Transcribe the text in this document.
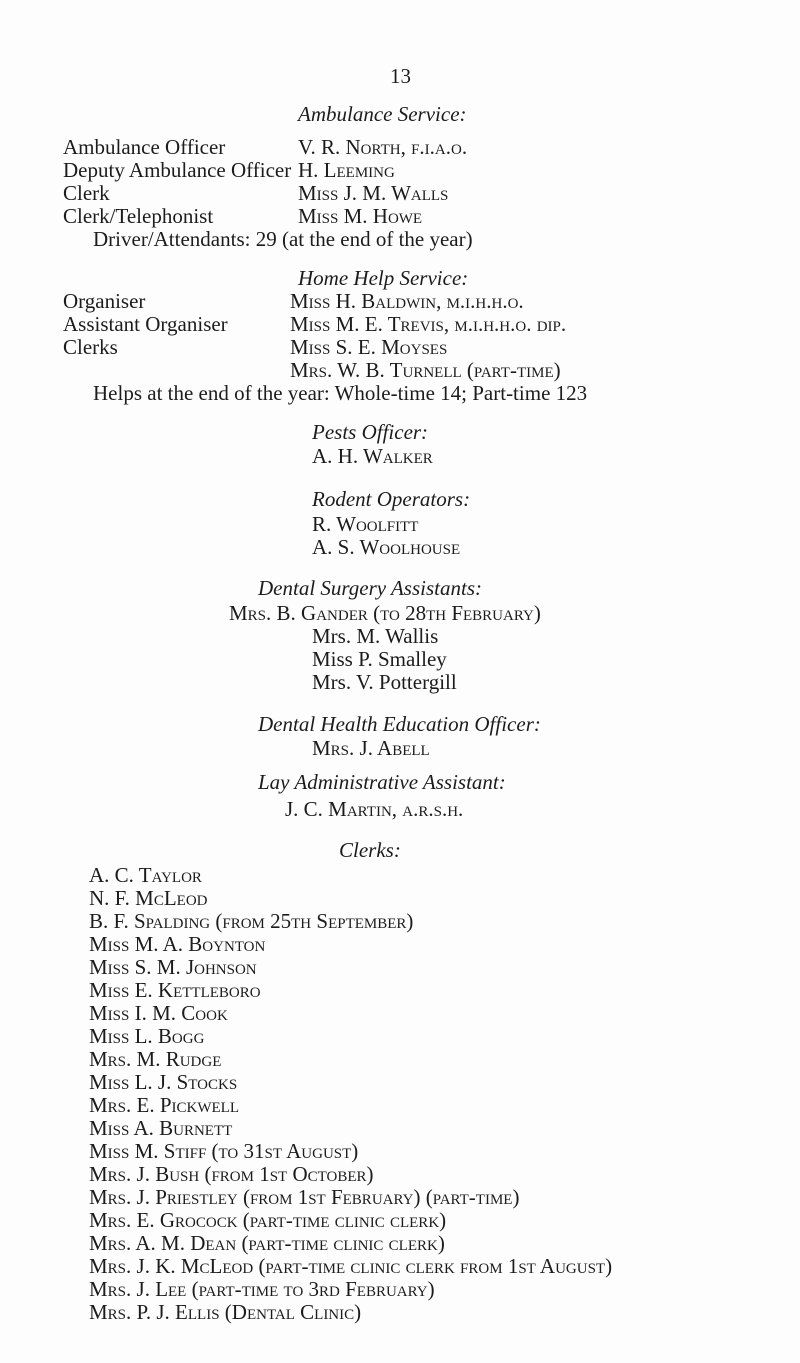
13
Ambulance Service:
Ambulance Officer	V. R. North, f.i.a.o.
Deputy Ambulance Officer H. Leeming
Clerk	Miss J. M. Walls
Clerk/Telephonist	Miss M. Howe
Driver/Attendants: 29 (at the end of the year)
Home Help Service:
Organiser	Miss H. Baldwin, m.i.h.h.o.
Assistant Organiser	Miss M. E. Trevis, m.i.h.h.o. dip.
Clerks	Miss S. E. Moyses
Mrs. W. B. Turnell (part-time)
Helps at the end of the year: Whole-time 14; Part-time 123
Pests Officer:
A. H. Walker
Rodent Operators:
R. Woolfitt
A. S. Woolhouse
Dental Surgery Assistants:
Mrs. B. Gander (to 28th February)
Mrs. M. Wallis
Miss P. Smalley
Mrs. V. Pottergill
Dental Health Education Officer:
Mrs. J. Abell
Lay Administrative Assistant:
J. C. Martin, a.r.s.h.
Clerks:
A. C. Taylor
N. F. McLeod
B. F. Spalding (from 25th September)
Miss M. A. Boynton
Miss S. M. Johnson
Miss E. Kettleboro
Miss I. M. Cook
Miss L. Bogg
Mrs. M. Rudge
Miss L. J. Stocks
Mrs. E. Pickwell
Miss A. Burnett
Miss M. Stiff (to 31st August)
Mrs. J. Bush (from 1st October)
Mrs. J. Priestley (from 1st February) (part-time)
Mrs. E. Grocock (part-time clinic clerk)
Mrs. A. M. Dean (part-time clinic clerk)
Mrs. J. K. McLeod (part-time clinic clerk from 1st August)
Mrs. J. Lee (part-time to 3rd February)
Mrs. P. J. Ellis (Dental Clinic)
